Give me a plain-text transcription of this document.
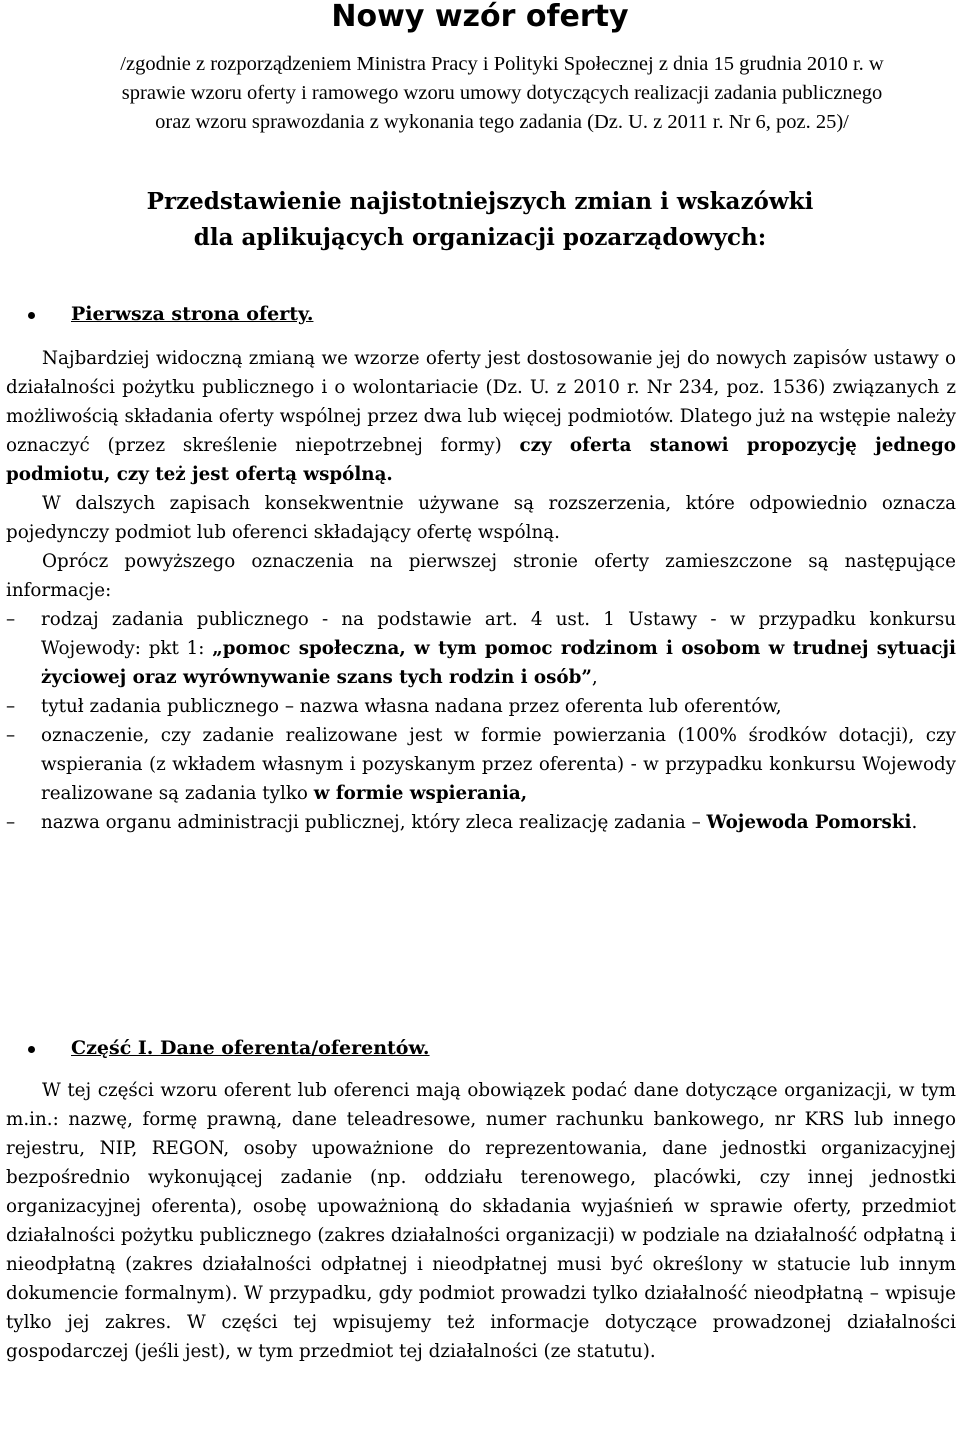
Nowy wzór oferty

/zgodnie z rozporządzeniem Ministra Pracy i Polityki Społecznej z dnia 15 grudnia 2010 r. w sprawie wzoru oferty i ramowego wzoru umowy dotyczących realizacji zadania publicznego oraz wzoru sprawozdania z wykonania tego zadania (Dz. U. z 2011 r. Nr 6, poz. 25)/

Przedstawienie najistotniejszych zmian i wskazówki
dla aplikujących organizacji pozarządowych:
Pierwsza strona oferty.

Najbardziej widoczną zmianą we wzorze oferty jest dostosowanie jej do nowych zapisów ustawy o działalności pożytku publicznego i o wolontariacie (Dz. U. z 2010 r. Nr 234, poz. 1536) związanych z możliwością składania oferty wspólnej przez dwa lub więcej podmiotów. Dlatego już na wstępie należy oznaczyć (przez skreślenie niepotrzebnej formy) czy oferta stanowi propozycję jednego podmiotu, czy też jest ofertą wspólną.

W dalszych zapisach konsekwentnie używane są rozszerzenia, które odpowiednio oznacza pojedynczy podmiot lub oferenci składający ofertę wspólną.

Oprócz powyższego oznaczenia na pierwszej stronie oferty zamieszczone są następujące informacje:

– rodzaj zadania publicznego - na podstawie art. 4 ust. 1 Ustawy - w przypadku konkursu Wojewody: pkt 1: „pomoc społeczna, w tym pomoc rodzinom i osobom w trudnej sytuacji życiowej oraz wyrównywanie szans tych rodzin i osób”,

– tytuł zadania publicznego – nazwa własna nadana przez oferenta lub oferentów,

– oznaczenie, czy zadanie realizowane jest w formie powierzania (100% środków dotacji), czy wspierania (z wkładem własnym i pozyskanym przez oferenta) - w przypadku konkursu Wojewody realizowane są zadania tylko w formie wspierania,

– nazwa organu administracji publicznej, który zleca realizację zadania – Wojewoda Pomorski.

Część I. Dane oferenta/oferentów.

W tej części wzoru oferent lub oferenci mają obowiązek podać dane dotyczące organizacji, w tym m.in.: nazwę, formę prawną, dane teleadresowe, numer rachunku bankowego, nr KRS lub innego rejestru, NIP, REGON, osoby upoważnione do reprezentowania, dane jednostki organizacyjnej bezpośrednio wykonującej zadanie (np. oddziału terenowego, placówki, czy innej jednostki organizacyjnej oferenta), osobę upoważnioną do składania wyjaśnień w sprawie oferty, przedmiot działalności pożytku publicznego (zakres działalności organizacji) w podziale na działalność odpłatną i nieodpłatną (zakres działalności odpłatnej i nieodpłatnej musi być określony w statucie lub innym dokumencie formalnym). W przypadku, gdy podmiot prowadzi tylko działalność nieodpłatną – wpisuje tylko jej zakres. W części tej wpisujemy też informacje dotyczące prowadzonej działalności gospodarczej (jeśli jest), w tym przedmiot tej działalności (ze statutu).
